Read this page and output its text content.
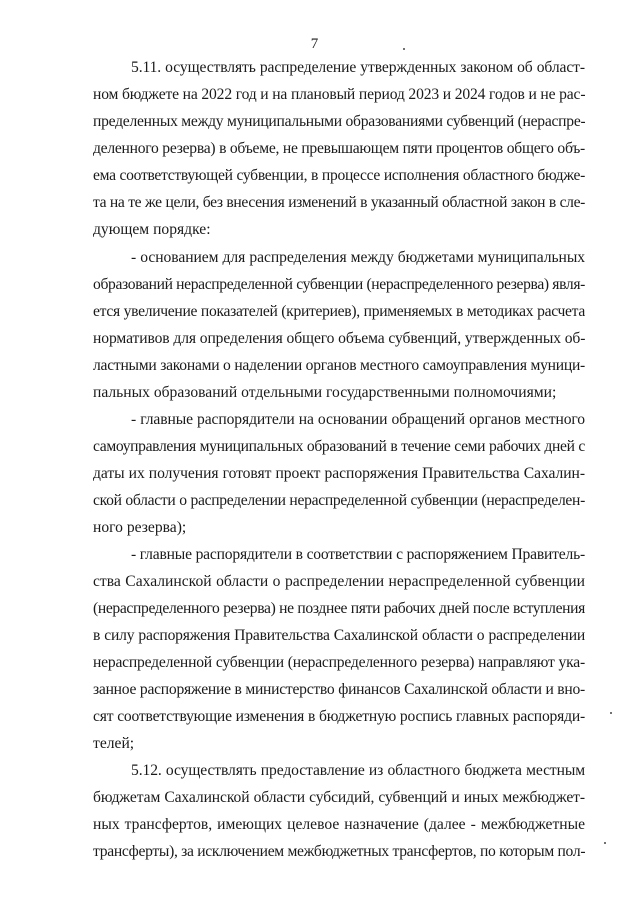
7
5.11. осуществлять распределение утвержденных законом об област-
ном бюджете на 2022 год и на плановый период 2023 и 2024 годов и не рас-
пределенных между муниципальными образованиями субвенций (нераспре-
деленного резерва) в объеме, не превышающем пяти процентов общего объ-
ема соответствующей субвенции, в процессе исполнения областного бюдже-
та на те же цели, без внесения изменений в указанный областной закон в сле-
дующем порядке:
- основанием для распределения между бюджетами муниципальных
образований нераспределенной субвенции (нераспределенного резерва) явля-
ется увеличение показателей (критериев), применяемых в методиках расчета
нормативов для определения общего объема субвенций, утвержденных об-
ластными законами о наделении органов местного самоуправления муници-
пальных образований отдельными государственными полномочиями;
- главные распорядители на основании обращений органов местного
самоуправления муниципальных образований в течение семи рабочих дней с
даты их получения готовят проект распоряжения Правительства Сахалин-
ской области о распределении нераспределенной субвенции (нераспределен-
ного резерва);
- главные распорядители в соответствии с распоряжением Правитель-
ства Сахалинской области о распределении нераспределенной субвенции
(нераспределенного резерва) не позднее пяти рабочих дней после вступления
в силу распоряжения Правительства Сахалинской области о распределении
нераспределенной субвенции (нераспределенного резерва) направляют ука-
занное распоряжение в министерство финансов Сахалинской области и вно-
сят соответствующие изменения в бюджетную роспись главных распоряди-
телей;
5.12. осуществлять предоставление из областного бюджета местным
бюджетам Сахалинской области субсидий, субвенций и иных межбюджет-
ных трансфертов, имеющих целевое назначение (далее - межбюджетные
трансферты), за исключением межбюджетных трансфертов, по которым пол-
